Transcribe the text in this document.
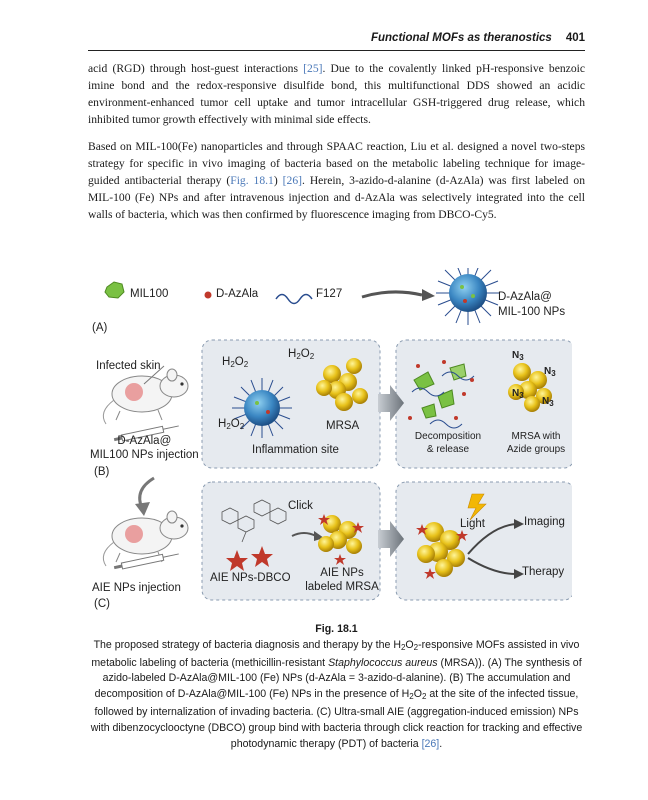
Functional MOFs as theranostics 401

acid (RGD) through host-guest interactions [25]. Due to the covalently linked pH-responsive benzoic imine bond and the redox-responsive disulfide bond, this multifunctional DDS showed an acidic environment-enhanced tumor cell uptake and tumor intracellular GSH-triggered drug release, which inhibited tumor growth effectively with minimal side effects.

Based on MIL-100(Fe) nanoparticles and through SPAAC reaction, Liu et al. designed a novel two-steps strategy for specific in vivo imaging of bacteria based on the metabolic labeling technique for image-guided antibacterial therapy (Fig. 18.1) [26]. Herein, 3-azido-d-alanine (d-AzAla) was first labeled on MIL-100 (Fe) NPs and after intravenous injection and d-AzAla was selectively integrated into the cell walls of bacteria, which was then confirmed by fluorescence imaging from DBCO-Cy5.

MIL100	D-AzAla	F127	D-AzAla@
MIL-100 NPs
(A)
Infected skin
D-AzAla@
MIL100 NPs injection
(B)
$H_2O_2$
$H_2O_2$
$H_2O_2$	MRSA
Inflammation site
Decomposition
& release
MRSA with
Azide groups
$N_3$
$N_3$
$N_3$
$N_3$
Click
AIE NPs-DBCO	AIE NPs
labeled MRSA
Light	Imaging
Therapy
AIE NPs injection
(C)

Fig. 18.1
The proposed strategy of bacteria diagnosis and therapy by the $H_2O_2$-responsive MOFs assisted in vivo metabolic labeling of bacteria (methicillin-resistant Staphylococcus aureus (MRSA)). (A) The synthesis of azido-labeled D-AzAla@MIL-100 (Fe) NPs (d-AzAla = 3-azido-d-alanine). (B) The accumulation and decomposition of D-AzAla@MIL-100 (Fe) NPs in the presence of $H_2O_2$ at the site of the infected tissue, followed by internalization of invading bacteria. (C) Ultra-small AIE (aggregation-induced emission) NPs with dibenzocyclooctyne (DBCO) group bind with bacteria through click reaction for tracking and effective photodynamic therapy (PDT) of bacteria [26].
